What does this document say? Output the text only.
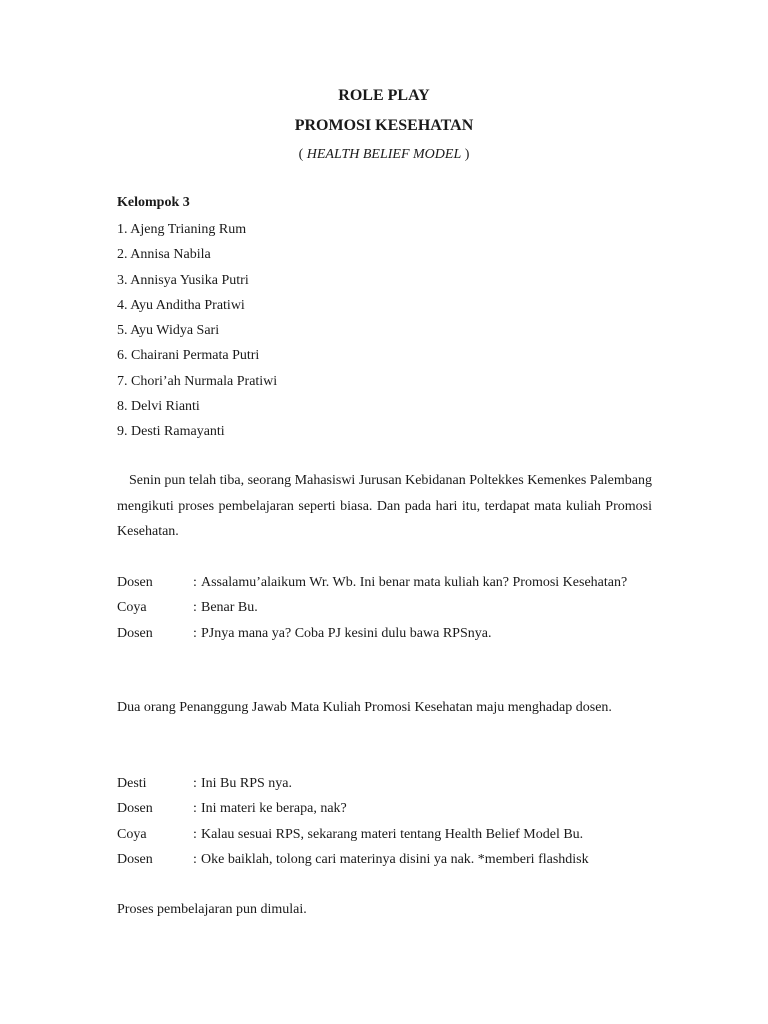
ROLE PLAY
PROMOSI KESEHATAN
( HEALTH BELIEF MODEL )
Kelompok 3
1. Ajeng Trianing Rum
2. Annisa Nabila
3. Annisya Yusika Putri
4. Ayu Anditha Pratiwi
5. Ayu Widya Sari
6. Chairani Permata Putri
7. Chori’ah Nurmala Pratiwi
8. Delvi Rianti
9. Desti Ramayanti

Senin pun telah tiba, seorang Mahasiswi Jurusan Kebidanan Poltekkes Kemenkes Palembang mengikuti proses pembelajaran seperti biasa. Dan pada hari itu, terdapat mata kuliah Promosi Kesehatan.

Dosen	: Assalamu’alaikum Wr. Wb. Ini benar mata kuliah kan? Promosi Kesehatan?
Coya	: Benar Bu.
Dosen	: PJnya mana ya? Coba PJ kesini dulu bawa RPSnya.

Dua orang Penanggung Jawab Mata Kuliah Promosi Kesehatan maju menghadap dosen.

Desti	: Ini Bu RPS nya.
Dosen	: Ini materi ke berapa, nak?
Coya	: Kalau sesuai RPS, sekarang materi tentang Health Belief Model Bu.
Dosen	: Oke baiklah, tolong cari materinya disini ya nak. *memberi flashdisk

Proses pembelajaran pun dimulai.
